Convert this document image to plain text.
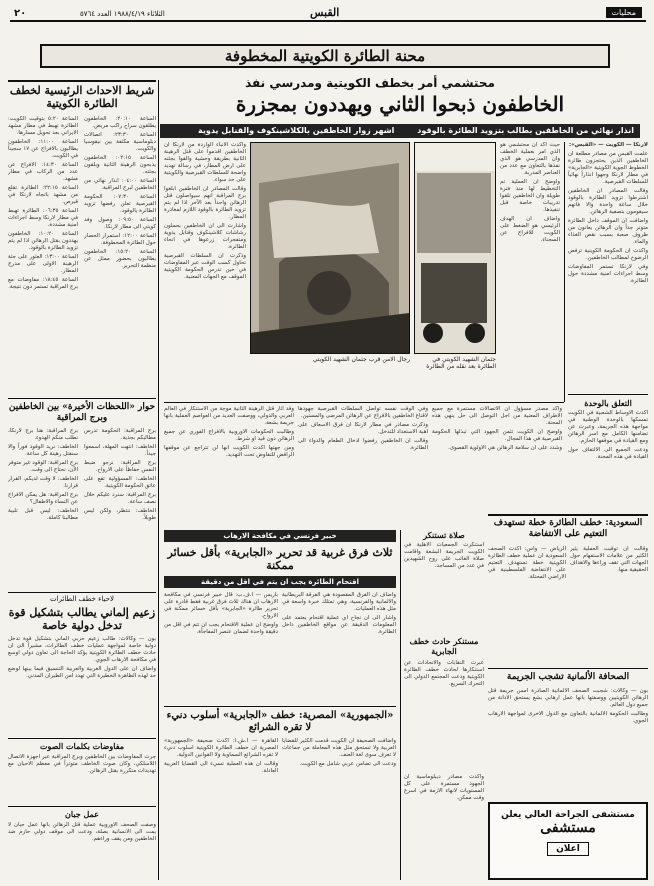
٢٠	الثلاثاء ١٩٨٨/٤/١٩ العدد ٥٧٦٤	القبس	محليات
محنة الطائرة الكويتية المخطوفة
محتشمي أمر بخطف الكويتية ومدرسي نفذ
الخاطفون ذبحوا الثاني ويهددون بمجزرة
انذار نهائي من الخاطفين بطالب بتزويد الطائرة بالوقود اشهر زوار الخاطفين بالكلاشينكوف والقنابل يدوية
شريط الاحداث الرئيسية لخطف الطائرة الكويتية

الساعة ٥:٢٠ بتوقيت الكويت: الطائرة تهبط في مطار مشهد الايراني بعد تحويل مسارها.

الساعة ١١:٠٠: الخاطفون يطالبون بالافراج عن ١٧ سجيناً في الكويت.

الساعة ١٤:٣٠: الافراج عن عدد من الركاب في مطار مشهد.

الساعة ٢٢:١٥: الطائرة تقلع من مشهد باتجاه لارنكا في قبرص.

الساعة ٠٦:٣٥: الطائرة تهبط في مطار لارنكا وسط اجراءات امنية مشددة.

الساعة ١٠:٢٠: الخاطفون يهددون بقتل الرهائن اذا لم يتم تزويد الطائرة بالوقود.

الساعة ١٣:٠٠: العثور على جثة الرهينة الاولى على مدرج المطار.

الساعة ١٨:٤٥: مفاوضات مع برج المراقبة تستمر دون نتيجة.

الساعة ٢٠:١٠: الخاطفون يطلقون سراح راكب مريض.

الساعة ٢٣:٣٠: اتصالات دبلوماسية مكثفة بين نيقوسيا والكويت.

الساعة ٠٢:١٥: الخاطفون يذبحون الرهينة الثانية ويلقون بجثته.

الساعة ٠٤:٠٠: انذار نهائي من الخاطفين لبرج المراقبة.

الساعة ٠٧:٣٠: الحكومة القبرصية تعلن رفضها تزويد الطائرة بالوقود.

الساعة ٠٩:٥٠: وصول وفد كويتي الى مطار لارنكا.

الساعة ١٢:٠٠: استمرار الحصار حول الطائرة المخطوفة.

الساعة ١٥:٢٠: الخاطفون يطالبون بحضور ممثل عن منظمة التحرير.

حوار «اللحظات الأخيرة» بين الخاطفين وبرج المراقبة

برج المراقبة: هنا برج لارنكا، نطلب منكم الهدوء.

الخاطف: نريد الوقود فوراً والا سنقتل رهينة كل ساعة.

برج المراقبة: الوقود غير متوفر الآن، نحتاج الى وقت.

الخاطف: لا وقت لديكم، القرار قرارنا.

برج المراقبة: هل يمكن الافراج عن النساء والاطفال؟

الخاطف: ليس قبل تلبية مطالبنا كاملة.

برج المراقبة: الحكومة تدرس مطالبكم بجدية.

الخاطف: انتهت المهلة، اسمعوا جيداً.

برج المراقبة: نرجو ضبط النفس حفاظاً على الارواح.

الخاطف: المسؤولية تقع على عاتق الحكومة الكويتية.

برج المراقبة: سنرد عليكم خلال نصف ساعة.

الخاطف: ننتظر، ولكن ليس طويلاً.

لاحياء خطف الطائرات
زعيم إلماني يطالب بتشكيل قوة تدخل دولية خاصة

بون — وكالات: طالب زعيم حزبي الماني بتشكيل قوة تدخل دولية خاصة لمواجهة عمليات خطف الطائرات، مشيراً الى ان حادث خطف الطائرة الكويتية يؤكد الحاجة الى تعاون دولي اوسع في مكافحة الارهاب الجوي.

واضاف ان على الدول الغربية والعربية التنسيق فيما بينها لوضع حد لهذه الظاهرة الخطيرة التي تهدد امن الطيران المدني.

مفاوضات بكلمات الصوت

جرت المفاوضات بين الخاطفين وبرج المراقبة عبر اجهزة الاتصال اللاسلكي، وكان صوت الخاطف متوتراً في معظم الاحيان مع تهديدات متكررة بقتل الرهائن.

عمل جبان

وصفت الصحف الاوروبية عملية قتل الرهائن بانها عمل جبان لا يمت الى الانسانية بصلة، ودعت الى موقف دولي حازم ضد الخاطفين ومن يقف وراءهم.

رجال الامن قرب جثمان الشهيد الكويتي	جثمان الشهيد الكويتي في الطائرة بعد نقله من الطائرة

واكدت الانباء الواردة من لارنكا ان الخاطفين اقدموا على قتل الرهينة الثانية بطريقة وحشية والقوا بجثته على ارض المطار، في رسالة تهديد واضحة للسلطات القبرصية والكويتية على حد سواء.

وقالت المصادر ان الخاطفين ابلغوا برج المراقبة انهم سيواصلون قتل الرهائن واحداً بعد الآخر اذا لم يتم تزويد الطائرة بالوقود اللازم لمغادرة المطار.

واشارت الى ان الخاطفين يحملون رشاشات كلاشينكوف وقنابل يدوية ومتفجرات زرعوها في انحاء الطائرة.

وذكرت ان السلطات القبرصية تحاول كسب الوقت عبر المفاوضات في حين تدرس الحكومة الكويتية الموقف مع الجهات المعنية.

حيث اكد ان محتشمي هو الذي امر بعملية الخطف وان المدرسي هو الذي نفذها بالتعاون مع عدد من العناصر المدربة.

واوضح ان العملية تم التخطيط لها منذ فترة طويلة وان الخاطفين تلقوا تدريبات خاصة قبل تنفيذها.

واضاف ان الهدف الرئيسي هو الضغط على الكويت للافراج عن السجناء.

لارنكا — الكويت — «القبس»:

علمت القبس من مصادر مطلعة ان الخاطفين الذين يحتجزون طائرة الخطوط الجوية الكويتية «الجابرية» في مطار لارنكا وجهوا انذاراً نهائياً للسلطات القبرصية.

وقالت المصادر ان الخاطفين اشترطوا تزويد الطائرة بالوقود خلال ساعة واحدة والا فانهم سيقومون بتصفية الرهائن.

واضافت ان الموقف داخل الطائرة متوتر جداً وان الرهائن يعانون من ظروف صعبة بسبب نقص الغذاء والماء.

واكدت ان الحكومة الكويتية ترفض الرضوخ لمطالب الخاطفين.

وفي لارنكا تستمر المفاوضات وسط اجراءات امنية مشددة حول الطائرة.

التعلق بالوحدة

اكدت الاوساط الشعبية في الكويت تمسكها بالوحدة الوطنية في مواجهة هذه الجريمة، وعبرت عن تضامنها الكامل مع اسر الرهائن ومع القيادة في موقفها الحازم.

ودعت الجميع الى الالتفاف حول القيادة في هذه المحنة.

وقد اثار قتل الرهينة الثانية موجة من الاستنكار في العالم العربي والدولي، ووصفت العديد من العواصم العملية بانها جريمة بشعة.

وطالبت الحكومات الاوروبية بالافراج الفوري عن جميع الرهائن دون قيد او شرط.

ومن جهتها اكدت الكويت انها لن تتراجع عن موقفها الرافض للتفاوض تحت التهديد.

وفي الوقت نفسه تواصل السلطات القبرصية جهودها لاقناع الخاطفين بالافراج عن الرهائن المرضى والمسنين.

وذكرت مصادر في مطار لارنكا ان فرق الاسعاف على اهبة الاستعداد للتدخل.

وقالت ان الخاطفين رفضوا ادخال الطعام والدواء الى الطائرة.

واكد مصدر مسؤول ان الاتصالات مستمرة مع جميع الاطراف المعنية من اجل التوصل الى حل ينهي هذه المحنة.

واوضح ان الكويت تثمن الجهود التي تبذلها الحكومة القبرصية في هذا المجال.

وشدد على ان سلامة الرهائن هي الاولوية القصوى.

خبير فرنسي في مكافحة الارهاب
ثلاث فرق غربية قد تحرير «الجابرية» بأقل خسائر ممكنة
اقتحام الطائرة يجب ان يتم في اقل من دقيقة

باريس — ا.ف.ب: قال خبير فرنسي في مكافحة الارهاب ان هناك ثلاث فرق غربية فقط قادرة على تحرير طائرة «الجابرية» بأقل خسائر ممكنة في الارواح.

واوضح ان عملية الاقتحام يجب ان تتم في اقل من دقيقة واحدة لضمان عنصر المفاجأة.

واضاف ان الفرق المقصودة هي الفرقة البريطانية والالمانية والفرنسية، وهي تمتلك خبرة واسعة في مثل هذه العمليات.

واشار الى ان نجاح اي عملية اقتحام يعتمد على المعلومات الدقيقة عن مواقع الخاطفين داخل الطائرة.

صلاة تستنكر

استنكرت الجمعيات الاهلية في الكويت الجريمة البشعة واقامت صلاة الغائب على روح الشهيدين في عدد من المساجد.

مستنكر حادث خطف الجابرية

عبرت النقابات والاتحادات عن استنكارها لحادث خطف الطائرة الكويتية ودعت المجتمع الدولي الى التحرك السريع.

«الجمهورية» المصرية: خطف «الجابرية» أسلوب دنيء لا تقره الشرائع

القاهرة — ا.ش.أ: اكدت صحيفة «الجمهورية» المصرية ان خطف الطائرة الكويتية اسلوب دنيء لا تقره الشرائع السماوية ولا القوانين الدولية.

وقالت ان هذه العملية تسيء الى القضايا العربية العادلة.

واضافت الصحيفة ان الكويت قدمت الكثير للقضايا العربية ولا تستحق مثل هذه المعاملة من جماعات لا تعرف سوى لغة العنف.

ودعت الى تضامن عربي شامل مع الكويت.

واكدت مصادر ديبلوماسية ان الجهود مستمرة على كل المستويات لانهاء الازمة في اسرع وقت ممكن.

السعودية: خطف الطائرة خطة تستهدف التعتيم على الانتفاضة

الرياض — واس: اكدت الصحف السعودية ان عملية خطف الطائرة الكويتية خطة تستهدف التعتيم على الانتفاضة الفلسطينية في الاراضي المحتلة.

وقالت ان توقيت العملية يثير الكثير من علامات الاستفهام حول الجهات التي تقف وراءها والاهداف الحقيقية منها.

الصحافة الألمانية تشجب الجريمة

بون — وكالات: شجبت الصحف الالمانية الصادرة امس جريمة قتل الرهائن الكويتيين ووصفتها بانها عمل ارهابي بشع يستحق الادانة من جميع دول العالم.

وطالبت الحكومة الالمانية بالتعاون مع الدول الاخرى لمواجهة الارهاب الجوي.

مستشفى الجراحة العالي يعلن
مستشفى
اعلان
